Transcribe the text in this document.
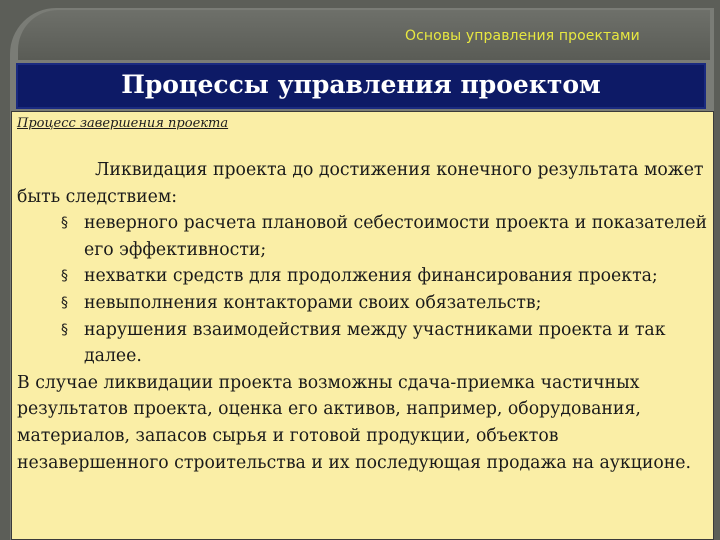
Основы управления проектами
Процессы управления проектом
Процесс завершения проекта

Ликвидация проекта до достижения конечного результата может быть следствием:

§ неверного расчета плановой себестоимости проекта и показателей его эффективности;
§ нехватки средств для продолжения финансирования проекта;
§ невыполнения контакторами своих обязательств;
§ нарушения взаимодействия между участниками проекта и так далее.

В случае ликвидации проекта возможны сдача-приемка частичных результатов проекта, оценка его активов, например, оборудования, материалов, запасов сырья и готовой продукции, объектов незавершенного строительства и их последующая продажа на аукционе.
